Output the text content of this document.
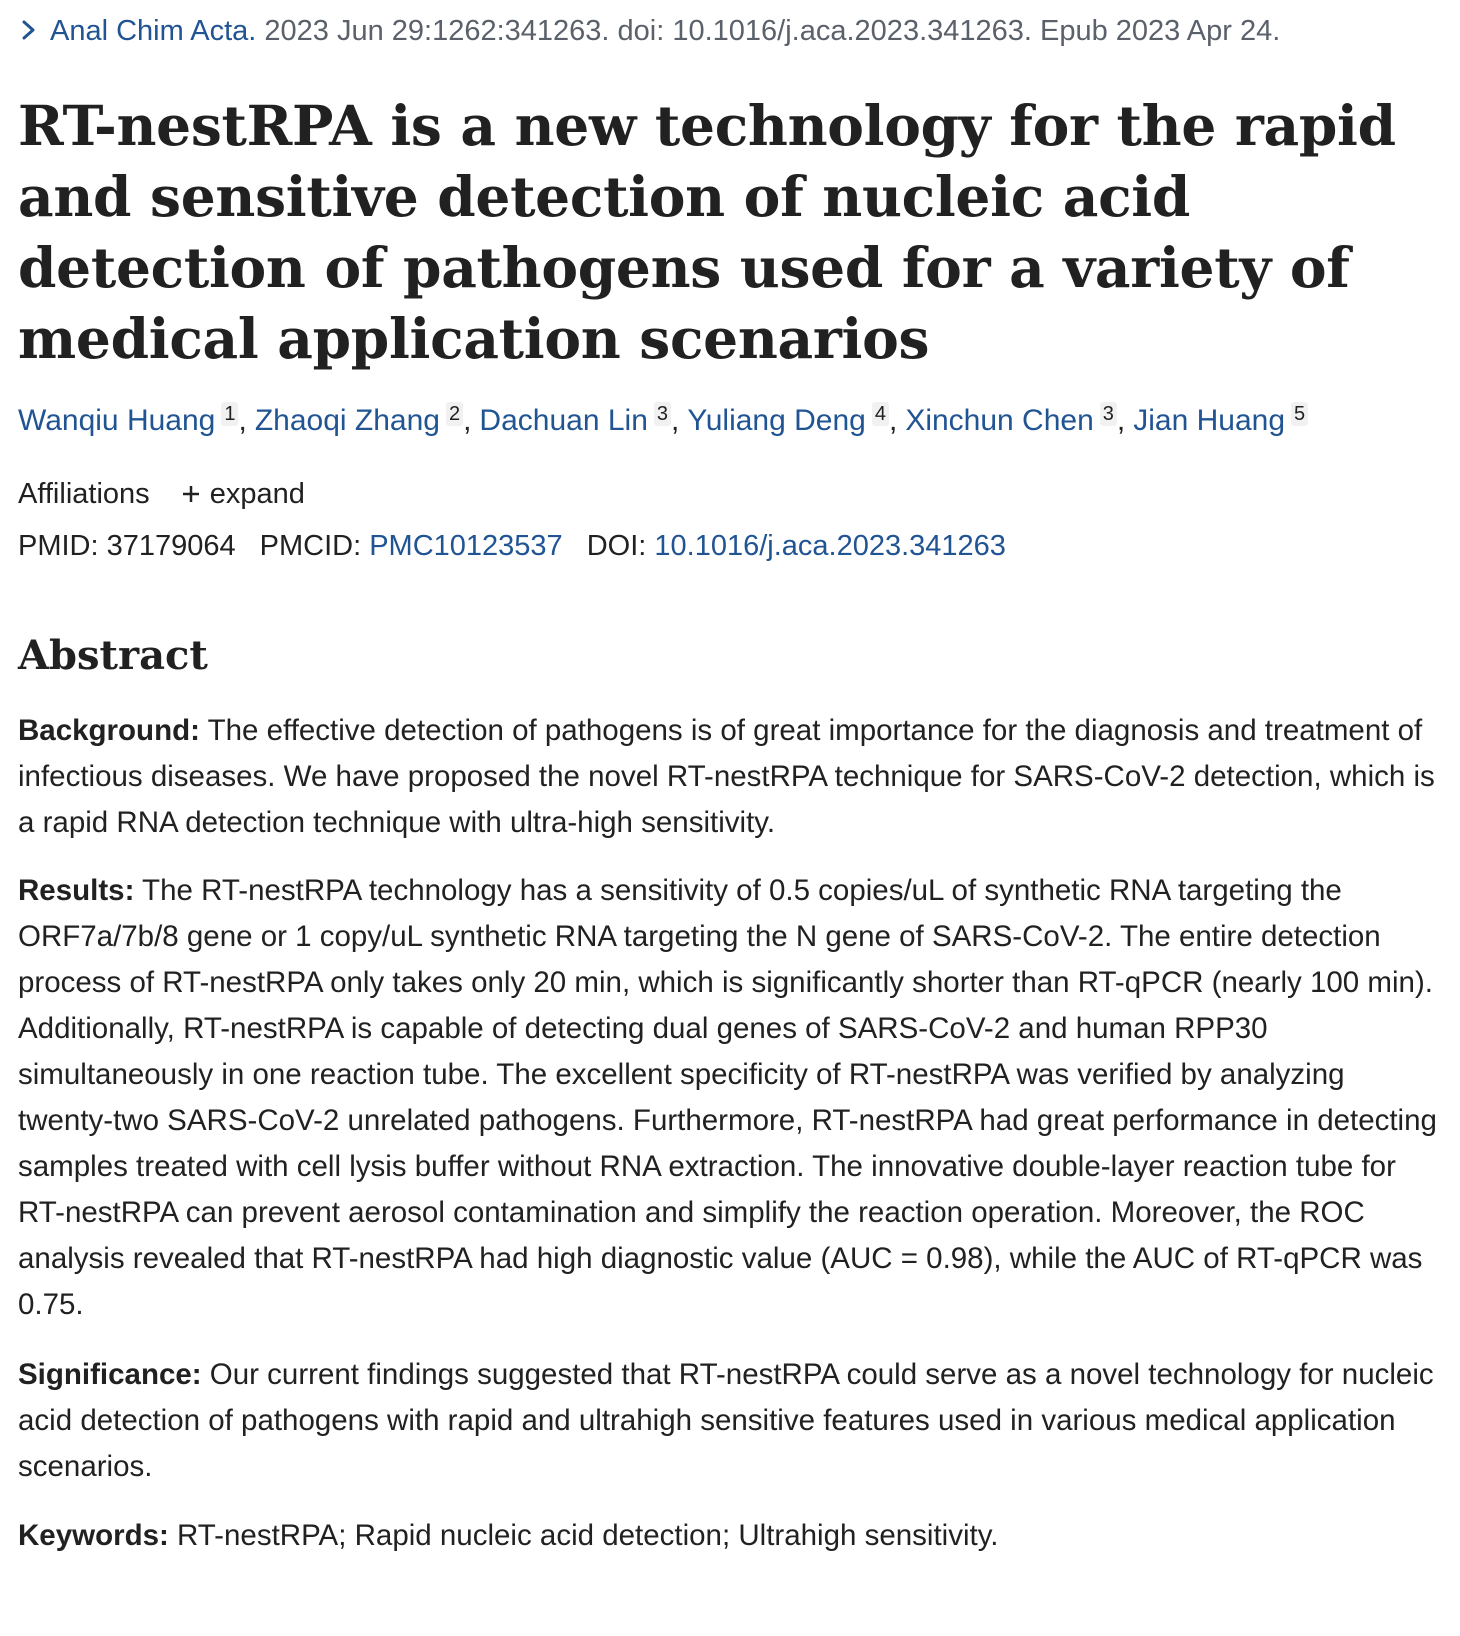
Anal Chim Acta. 2023 Jun 29:1262:341263. doi: 10.1016/j.aca.2023.341263. Epub 2023 Apr 24.
RT-nestRPA is a new technology for the rapid and sensitive detection of nucleic acid detection of pathogens used for a variety of medical application scenarios
Wanqiu Huang 1 , Zhaoqi Zhang 2 , Dachuan Lin 3 , Yuliang Deng 4 , Xinchun Chen 3 , Jian Huang 5
Affiliations expand
PMID: 37179064 PMCID: PMC10123537 DOI: 10.1016/j.aca.2023.341263
Abstract

Background: The effective detection of pathogens is of great importance for the diagnosis and treatment of infectious diseases. We have proposed the novel RT-nestRPA technique for SARS-CoV-2 detection, which is a rapid RNA detection technique with ultra-high sensitivity.

Results: The RT-nestRPA technology has a sensitivity of 0.5 copies/uL of synthetic RNA targeting the ORF7a/7b/8 gene or 1 copy/uL synthetic RNA targeting the N gene of SARS-CoV-2. The entire detection process of RT-nestRPA only takes only 20 min, which is significantly shorter than RT-qPCR (nearly 100 min). Additionally, RT-nestRPA is capable of detecting dual genes of SARS-CoV-2 and human RPP30 simultaneously in one reaction tube. The excellent specificity of RT-nestRPA was verified by analyzing twenty-two SARS-CoV-2 unrelated pathogens. Furthermore, RT-nestRPA had great performance in detecting samples treated with cell lysis buffer without RNA extraction. The innovative double-layer reaction tube for RT-nestRPA can prevent aerosol contamination and simplify the reaction operation. Moreover, the ROC analysis revealed that RT-nestRPA had high diagnostic value (AUC = 0.98), while the AUC of RT-qPCR was 0.75.

Significance: Our current findings suggested that RT-nestRPA could serve as a novel technology for nucleic acid detection of pathogens with rapid and ultrahigh sensitive features used in various medical application scenarios.

Keywords: RT-nestRPA; Rapid nucleic acid detection; Ultrahigh sensitivity.
